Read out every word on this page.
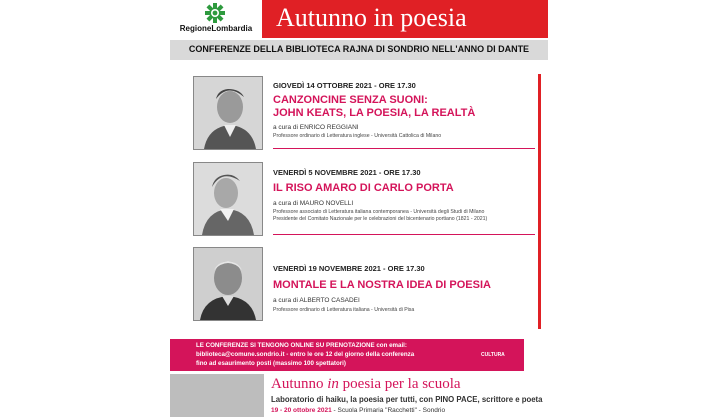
RegioneLombardia Autunno in poesia
CONFERENZE DELLA BIBLIOTECA RAJNA DI SONDRIO NELL'ANNO DI DANTE
GIOVEDÌ 14 OTTOBRE 2021 - ORE 17.30
CANZONCINE SENZA SUONI:
JOHN KEATS, LA POESIA, LA REALTÀ
a cura di ENRICO REGGIANI
Professore ordinario di Letteratura inglese - Università Cattolica di Milano
VENERDÌ 5 NOVEMBRE 2021 - ORE 17.30
IL RISO AMARO DI CARLO PORTA
a cura di MAURO NOVELLI
Professore associato di Letteratura italiana contemporanea - Università degli Studi di Milano
Presidente del Comitato Nazionale per le celebrazioni del bicentenario portiano (1821 - 2021)
VENERDÌ 19 NOVEMBRE 2021 - ORE 17.30
MONTALE E LA NOSTRA IDEA DI POESIA
a cura di ALBERTO CASADEI
Professore ordinario di Letteratura italiana - Università di Pisa
LE CONFERENZE SI TENGONO ONLINE SU PRENOTAZIONE con email:
biblioteca@comune.sondrio.it - entro le ore 12 del giorno della conferenza
fino ad esaurimento posti (massimo 100 spettatori)
CULTURA
Autunno in poesia per la scuola
Laboratorio di haiku, la poesia per tutti, con PINO PACE, scrittore e poeta
19 - 20 ottobre 2021 - Scuola Primaria "Racchetti" - Sondrio
